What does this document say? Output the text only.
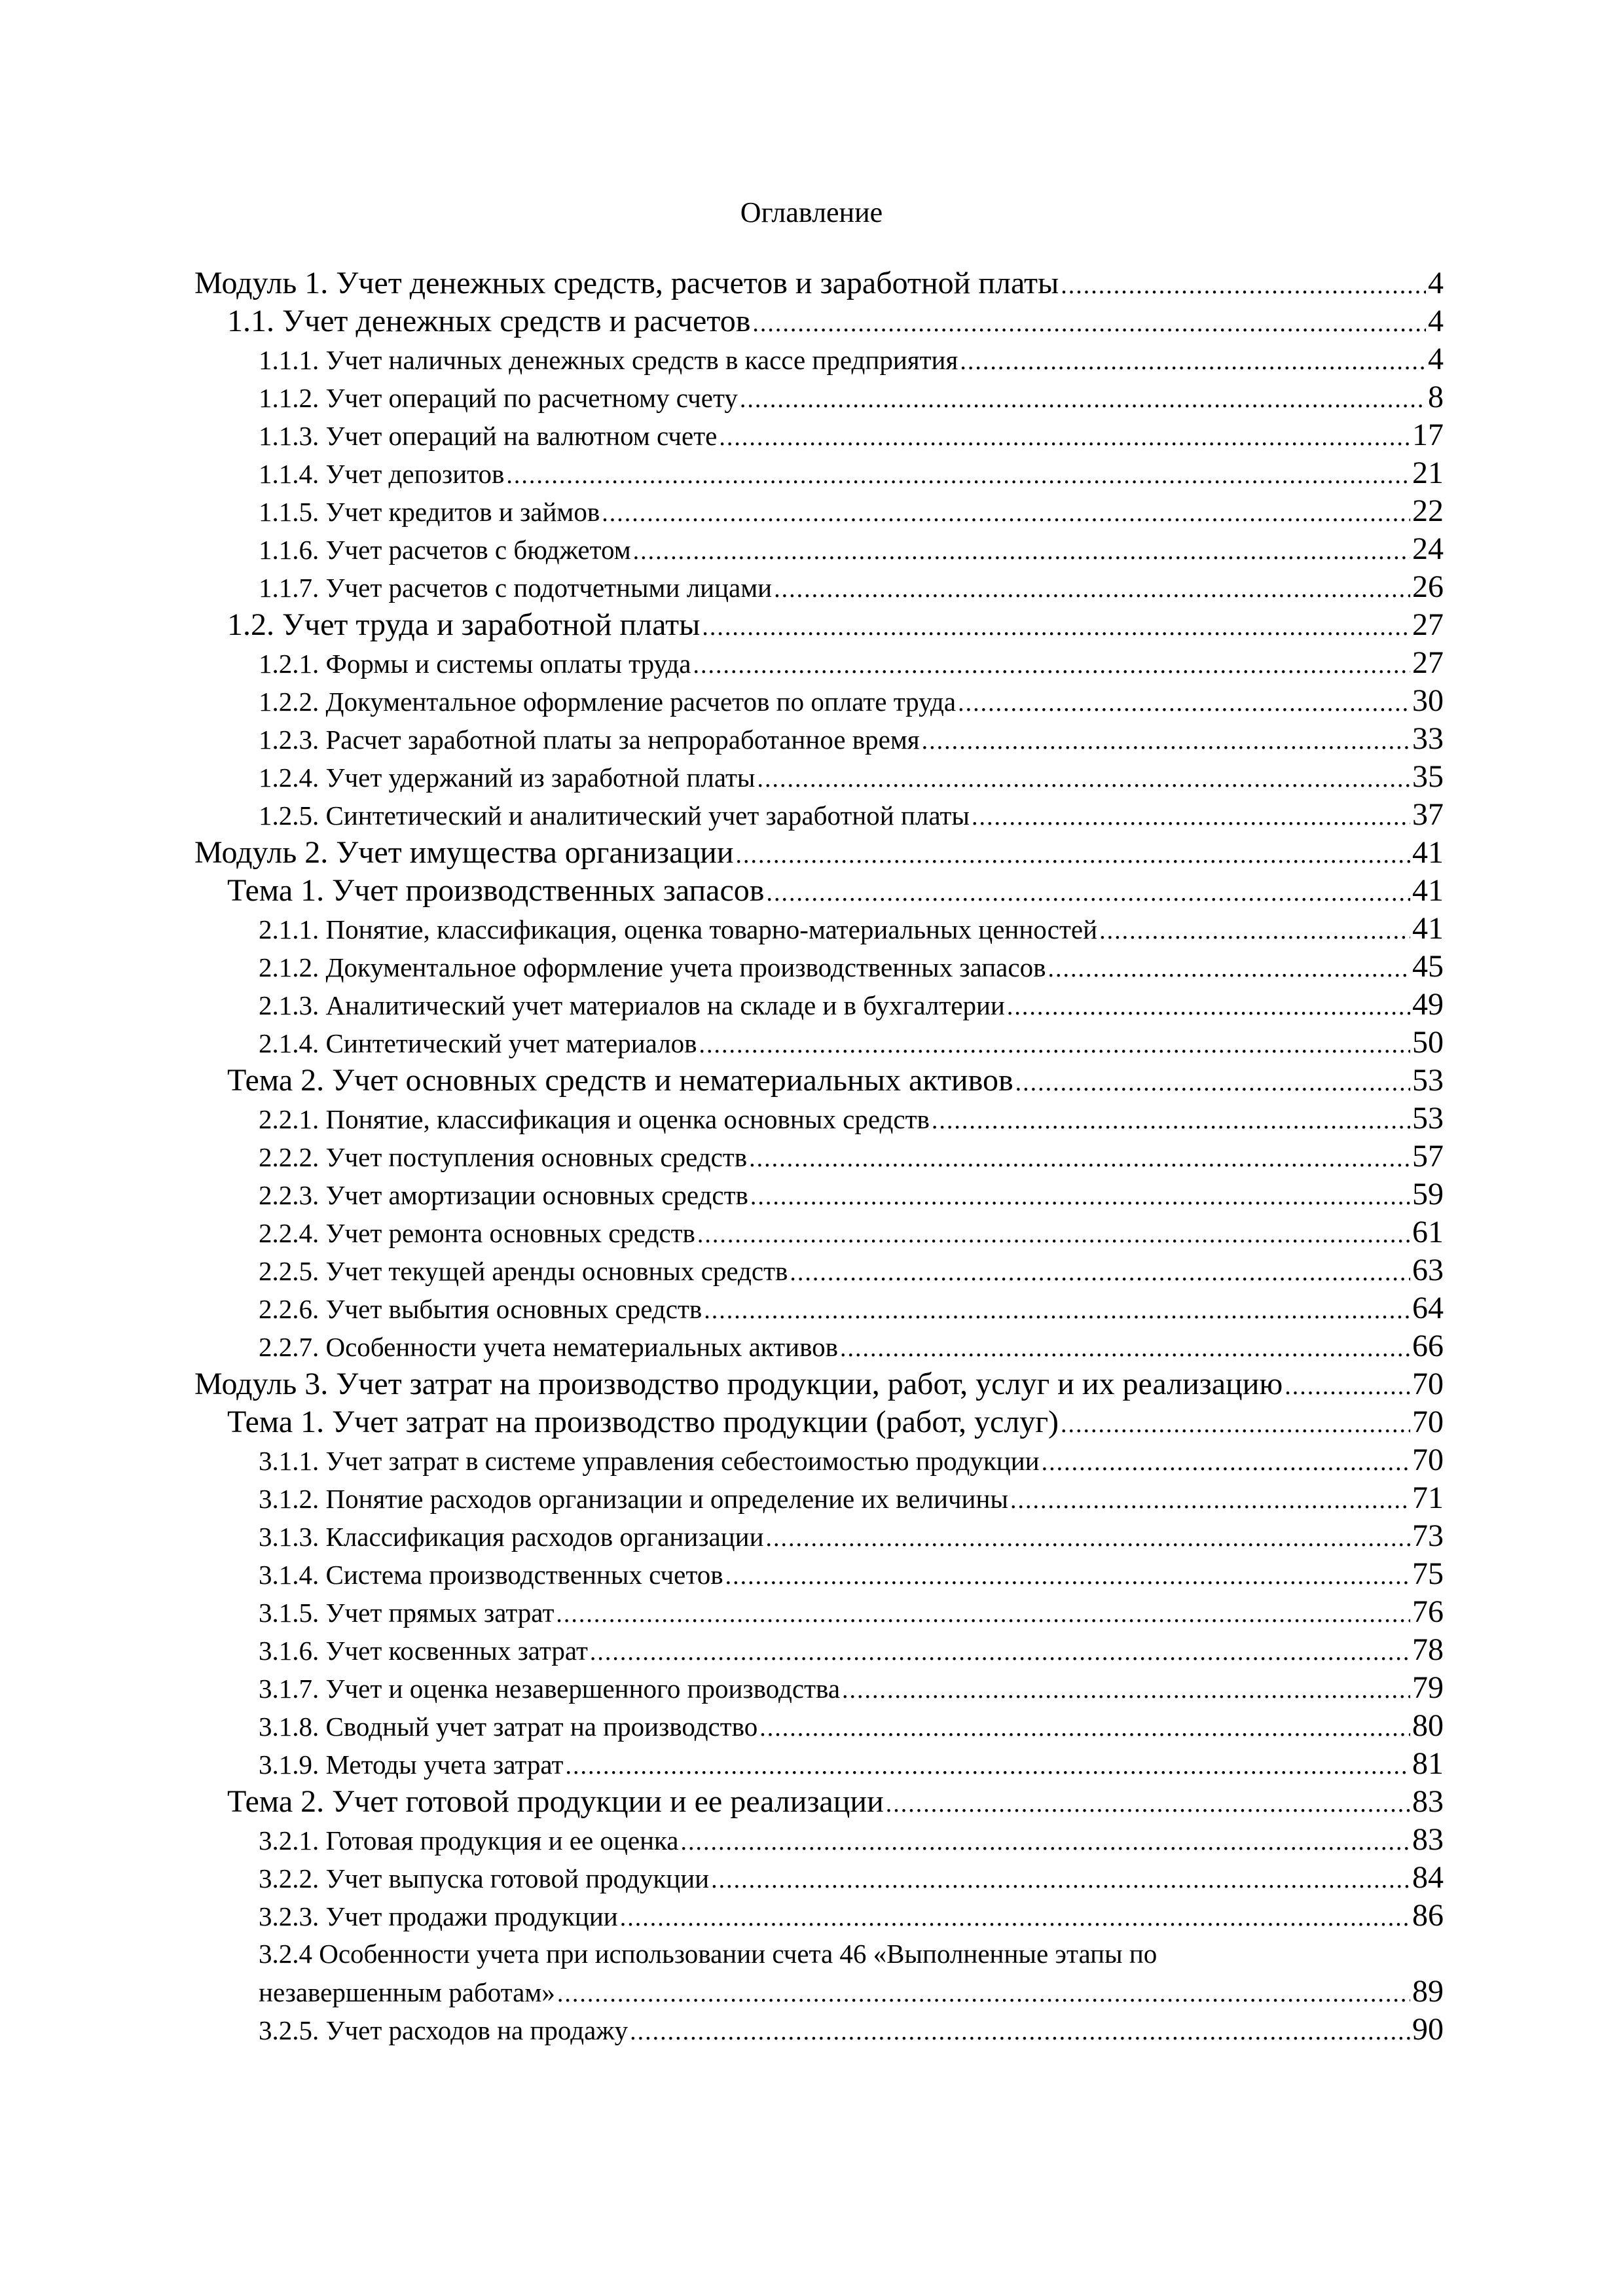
Оглавление
Модуль 1. Учет денежных средств, расчетов и заработной платы .....	4
1.1. Учет денежных средств и расчетов .....	4
1.1.1. Учет наличных денежных средств в кассе предприятия .....	4
1.1.2. Учет операций по расчетному счету .....	8
1.1.3. Учет операций на валютном счете .....	17
1.1.4. Учет депозитов .....	21
1.1.5. Учет кредитов и займов .....	22
1.1.6. Учет расчетов с бюджетом .....	24
1.1.7. Учет расчетов с подотчетными лицами .....	26
1.2. Учет труда и заработной платы .....	27
1.2.1. Формы и системы оплаты труда .....	27
1.2.2. Документальное оформление расчетов по оплате труда .....	30
1.2.3. Расчет заработной платы за непроработанное время .....	33
1.2.4. Учет удержаний из заработной платы .....	35
1.2.5. Синтетический и аналитический учет заработной платы .....	37
Модуль 2. Учет имущества организации .....	41
Тема 1. Учет производственных запасов .....	41
2.1.1. Понятие, классификация, оценка товарно-материальных ценностей .....	41
2.1.2. Документальное оформление учета производственных запасов .....	45
2.1.3. Аналитический учет материалов на складе и в бухгалтерии .....	49
2.1.4. Синтетический учет материалов .....	50
Тема 2. Учет основных средств и нематериальных активов .....	53
2.2.1. Понятие, классификация и оценка основных средств .....	53
2.2.2. Учет поступления основных средств .....	57
2.2.3. Учет амортизации основных средств .....	59
2.2.4. Учет ремонта основных средств .....	61
2.2.5. Учет текущей аренды основных средств .....	63
2.2.6. Учет выбытия основных средств .....	64
2.2.7. Особенности учета нематериальных активов .....	66
Модуль 3. Учет затрат на производство продукции, работ, услуг и их реализацию .....	70
Тема 1. Учет затрат на производство продукции (работ, услуг) .....	70
3.1.1. Учет затрат в системе управления себестоимостью продукции .....	70
3.1.2. Понятие расходов организации и определение их величины .....	71
3.1.3. Классификация расходов организации .....	73
3.1.4. Система производственных счетов .....	75
3.1.5. Учет прямых затрат .....	76
3.1.6. Учет косвенных затрат .....	78
3.1.7. Учет и оценка незавершенного производства .....	79
3.1.8. Сводный учет затрат на производство .....	80
3.1.9. Методы учета затрат .....	81
Тема 2. Учет готовой продукции и ее реализации .....	83
3.2.1. Готовая продукция и ее оценка .....	83
3.2.2. Учет выпуска готовой продукции .....	84
3.2.3. Учет продажи продукции .....	86
3.2.4 Особенности учета при использовании счета 46 «Выполненные этапы по
незавершенным работам» .....	89
3.2.5. Учет расходов на продажу .....	90
